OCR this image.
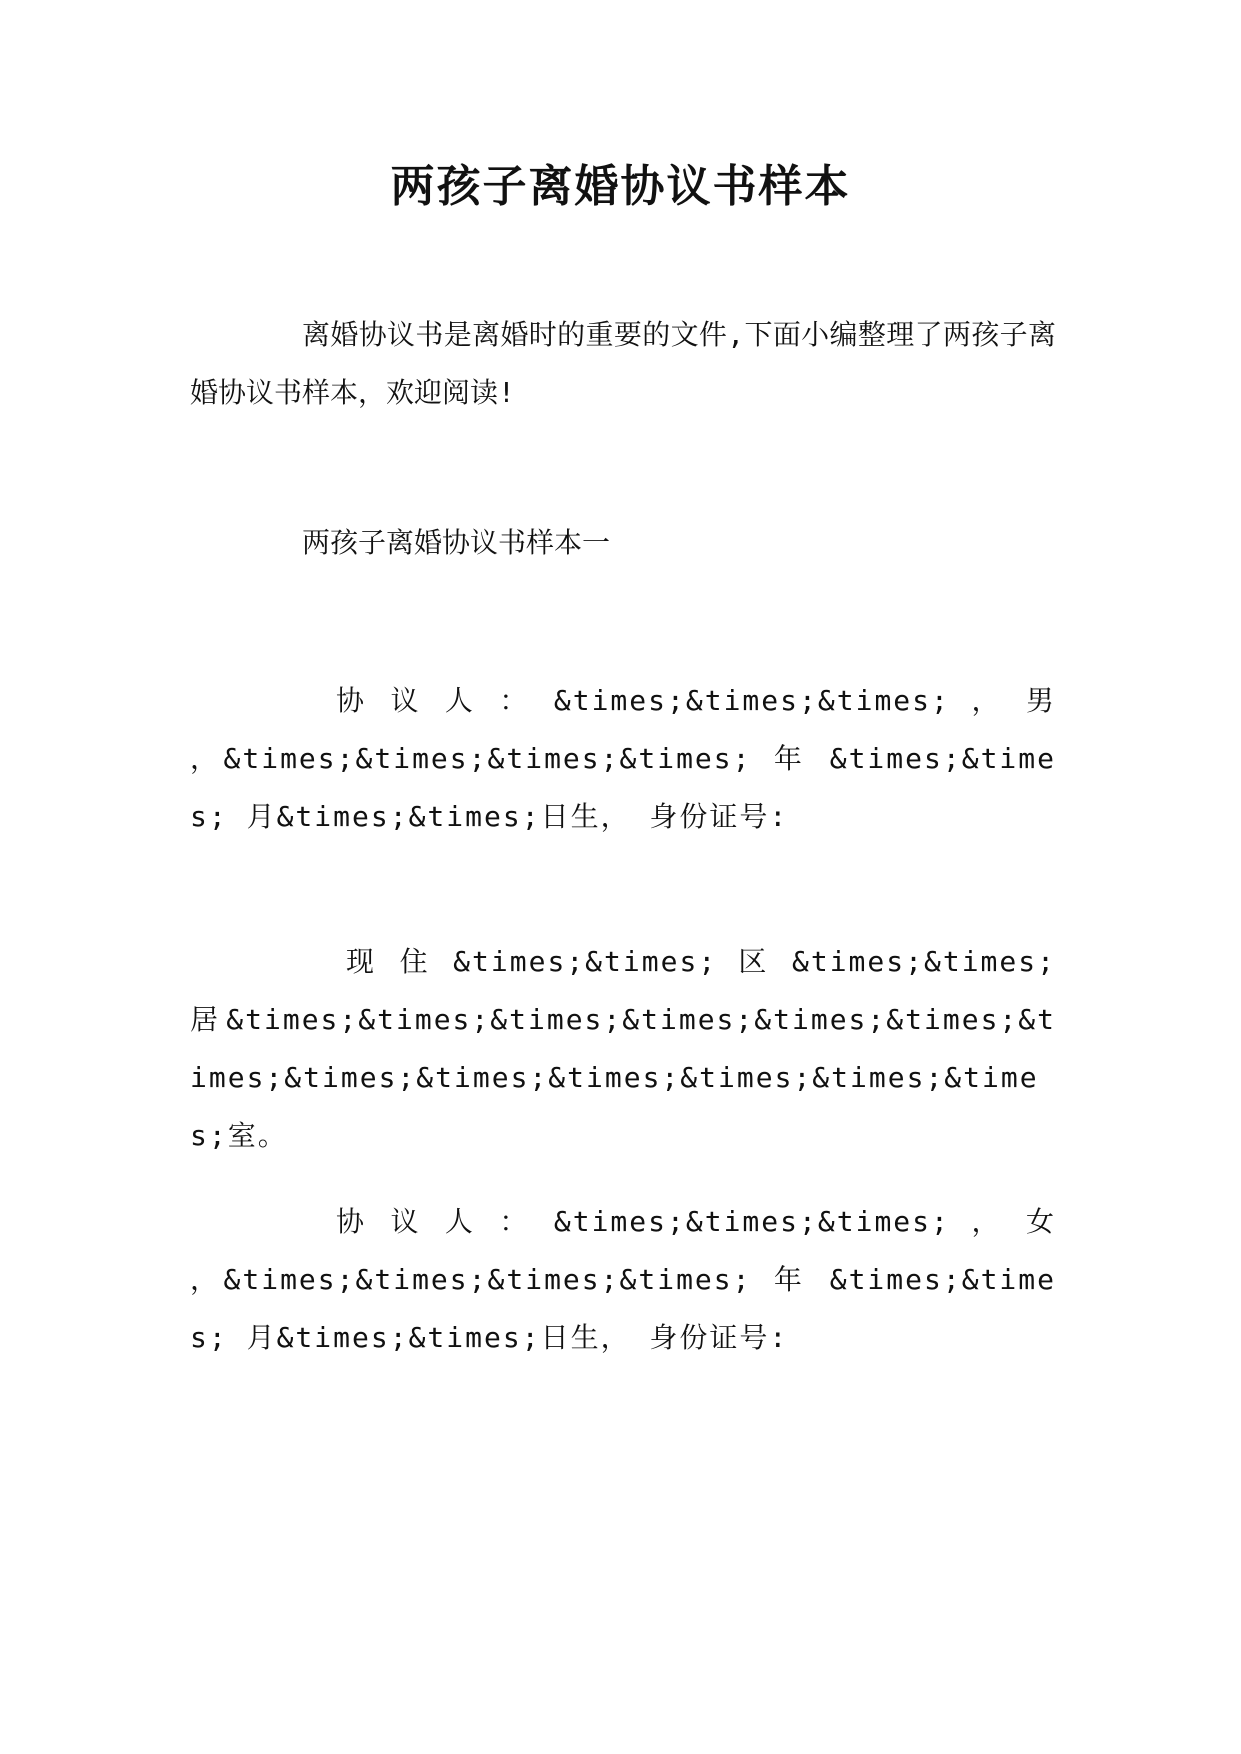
两孩子离婚协议书样本

离婚协议书是离婚时的重要的文件,下面小编整理了两孩子离婚协议书样本，欢迎阅读!

两孩子离婚协议书样本一

协 议 人 ： &times;&times;&times; ， 男 ，&times;&times;&times;&times; 年 &times;&times; 月&times;&times;日生， 身份证号:

现 住 &times;&times; 区 &times;&times; 居&times;&times;&times;&times;&times;&times;&times;&times;&times;&times;&times;&times;&times;室。

协 议 人 ： &times;&times;&times; ， 女 ，&times;&times;&times;&times; 年 &times;&times; 月&times;&times;日生， 身份证号:
